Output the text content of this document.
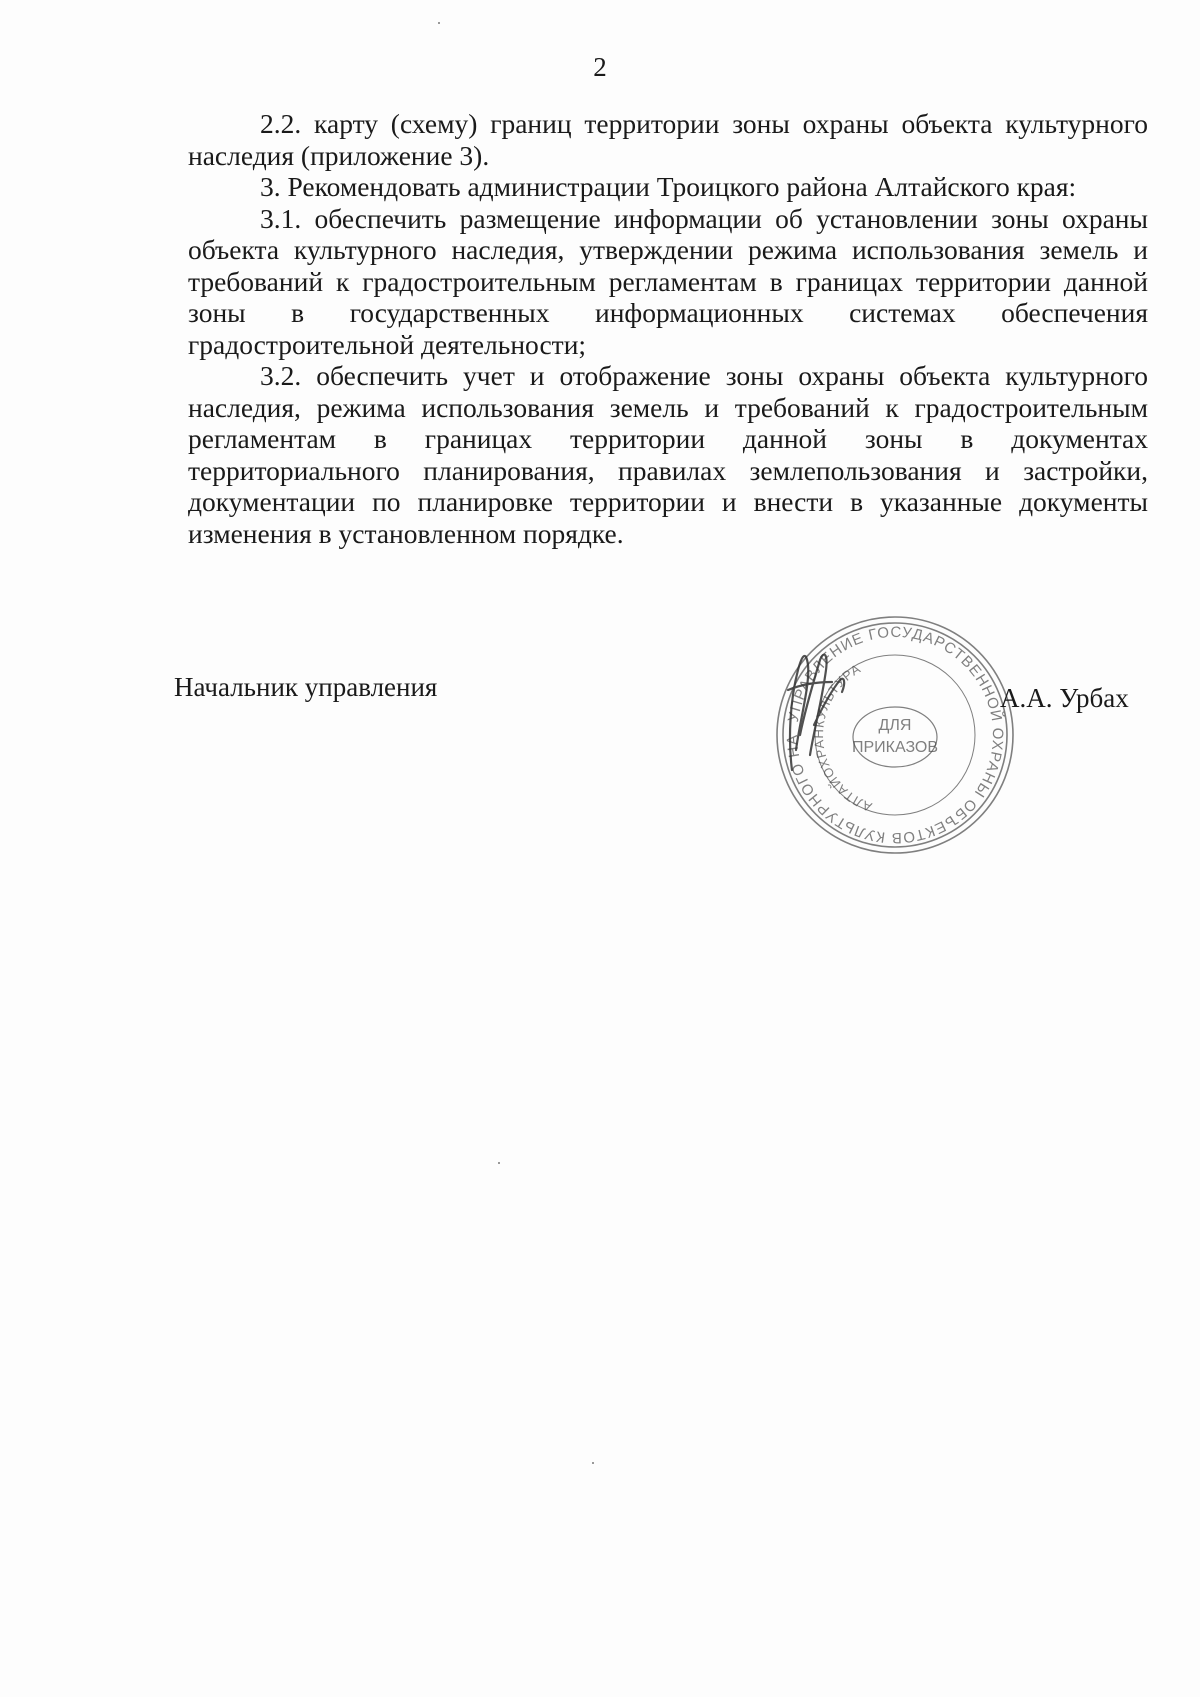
2

2.2. карту (схему) границ территории зоны охраны объекта культурного наследия (приложение 3).

3. Рекомендовать администрации Троицкого района Алтайского края:

3.1. обеспечить размещение информации об установлении зоны охраны объекта культурного наследия, утверждении режима использования земель и требований к градостроительным регламентам в границах территории данной зоны в государственных информационных системах обеспечения градостроительной деятельности;

3.2. обеспечить учет и отображение зоны охраны объекта культурного наследия, режима использования земель и требований к градостроительным регламентам в границах территории данной зоны в документах территориального планирования, правилах землепользования и застройки, документации по планировке территории и внести в указанные документы изменения в установленном порядке.

Начальник управления
УПРАВЛЕНИЕ ГОСУДАРСТВЕННОЙ ОХРАНЫ ОБЪЕКТОВ КУЛЬТУРНОГО НА
АЛТАЙОХРАНКУЛЬТУРА
ДЛЯ
ПРИКАЗОВ
А.А. Урбах
